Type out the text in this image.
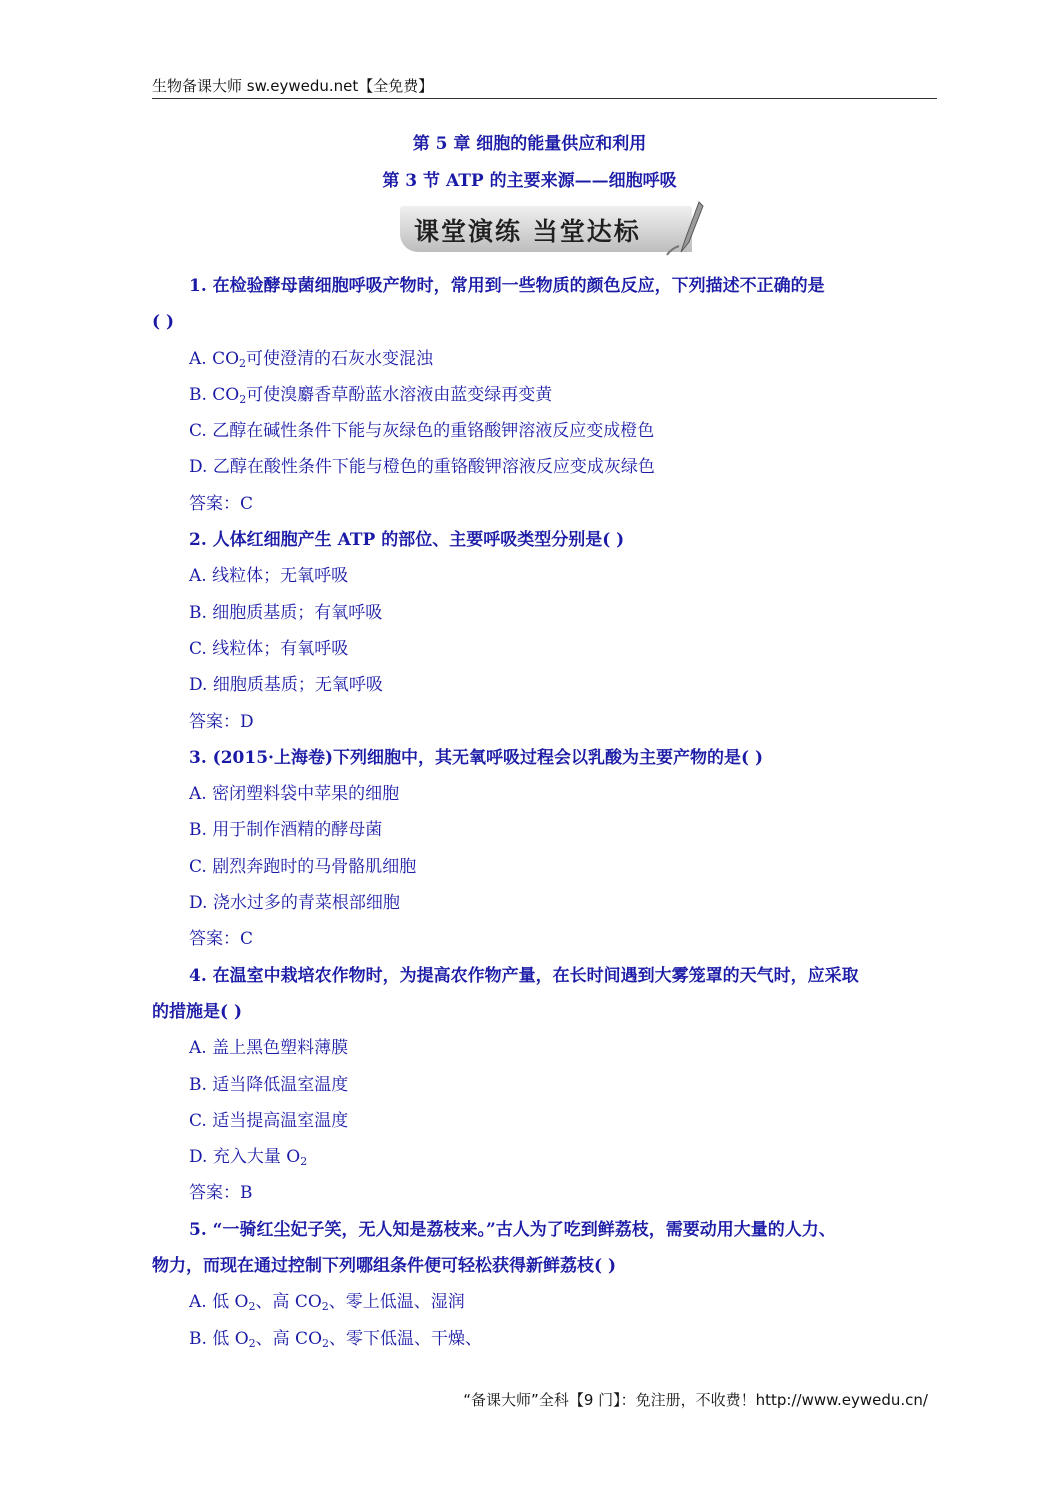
生物备课大师 sw.eywedu.net【全免费】
第 5 章 细胞的能量供应和利用
第 3 节 ATP 的主要来源——细胞呼吸
课堂演练 当堂达标
1. 在检验酵母菌细胞呼吸产物时，常用到一些物质的颜色反应，下列描述不正确的是
( )
A. $CO_2$可使澄清的石灰水变混浊
B. $CO_2$可使溴麝香草酚蓝水溶液由蓝变绿再变黄
C. 乙醇在碱性条件下能与灰绿色的重铬酸钾溶液反应变成橙色
D. 乙醇在酸性条件下能与橙色的重铬酸钾溶液反应变成灰绿色
答案：C
2. 人体红细胞产生 ATP 的部位、主要呼吸类型分别是( )
A. 线粒体；无氧呼吸
B. 细胞质基质；有氧呼吸
C. 线粒体；有氧呼吸
D. 细胞质基质；无氧呼吸
答案：D
3. (2015·上海卷)下列细胞中，其无氧呼吸过程会以乳酸为主要产物的是( )
A. 密闭塑料袋中苹果的细胞
B. 用于制作酒精的酵母菌
C. 剧烈奔跑时的马骨骼肌细胞
D. 浇水过多的青菜根部细胞
答案：C
4. 在温室中栽培农作物时，为提高农作物产量，在长时间遇到大雾笼罩的天气时，应采取
的措施是( )
A. 盖上黑色塑料薄膜
B. 适当降低温室温度
C. 适当提高温室温度
D. 充入大量 $O_2$
答案：B
5. “一骑红尘妃子笑，无人知是荔枝来。”古人为了吃到鲜荔枝，需要动用大量的人力、
物力，而现在通过控制下列哪组条件便可轻松获得新鲜荔枝( )
A. 低 $O_2$、高 $CO_2$、零上低温、湿润
B. 低 $O_2$、高 $CO_2$、零下低温、干燥、
“备课大师”全科【9 门】：免注册，不收费！http://www.eywedu.cn/
